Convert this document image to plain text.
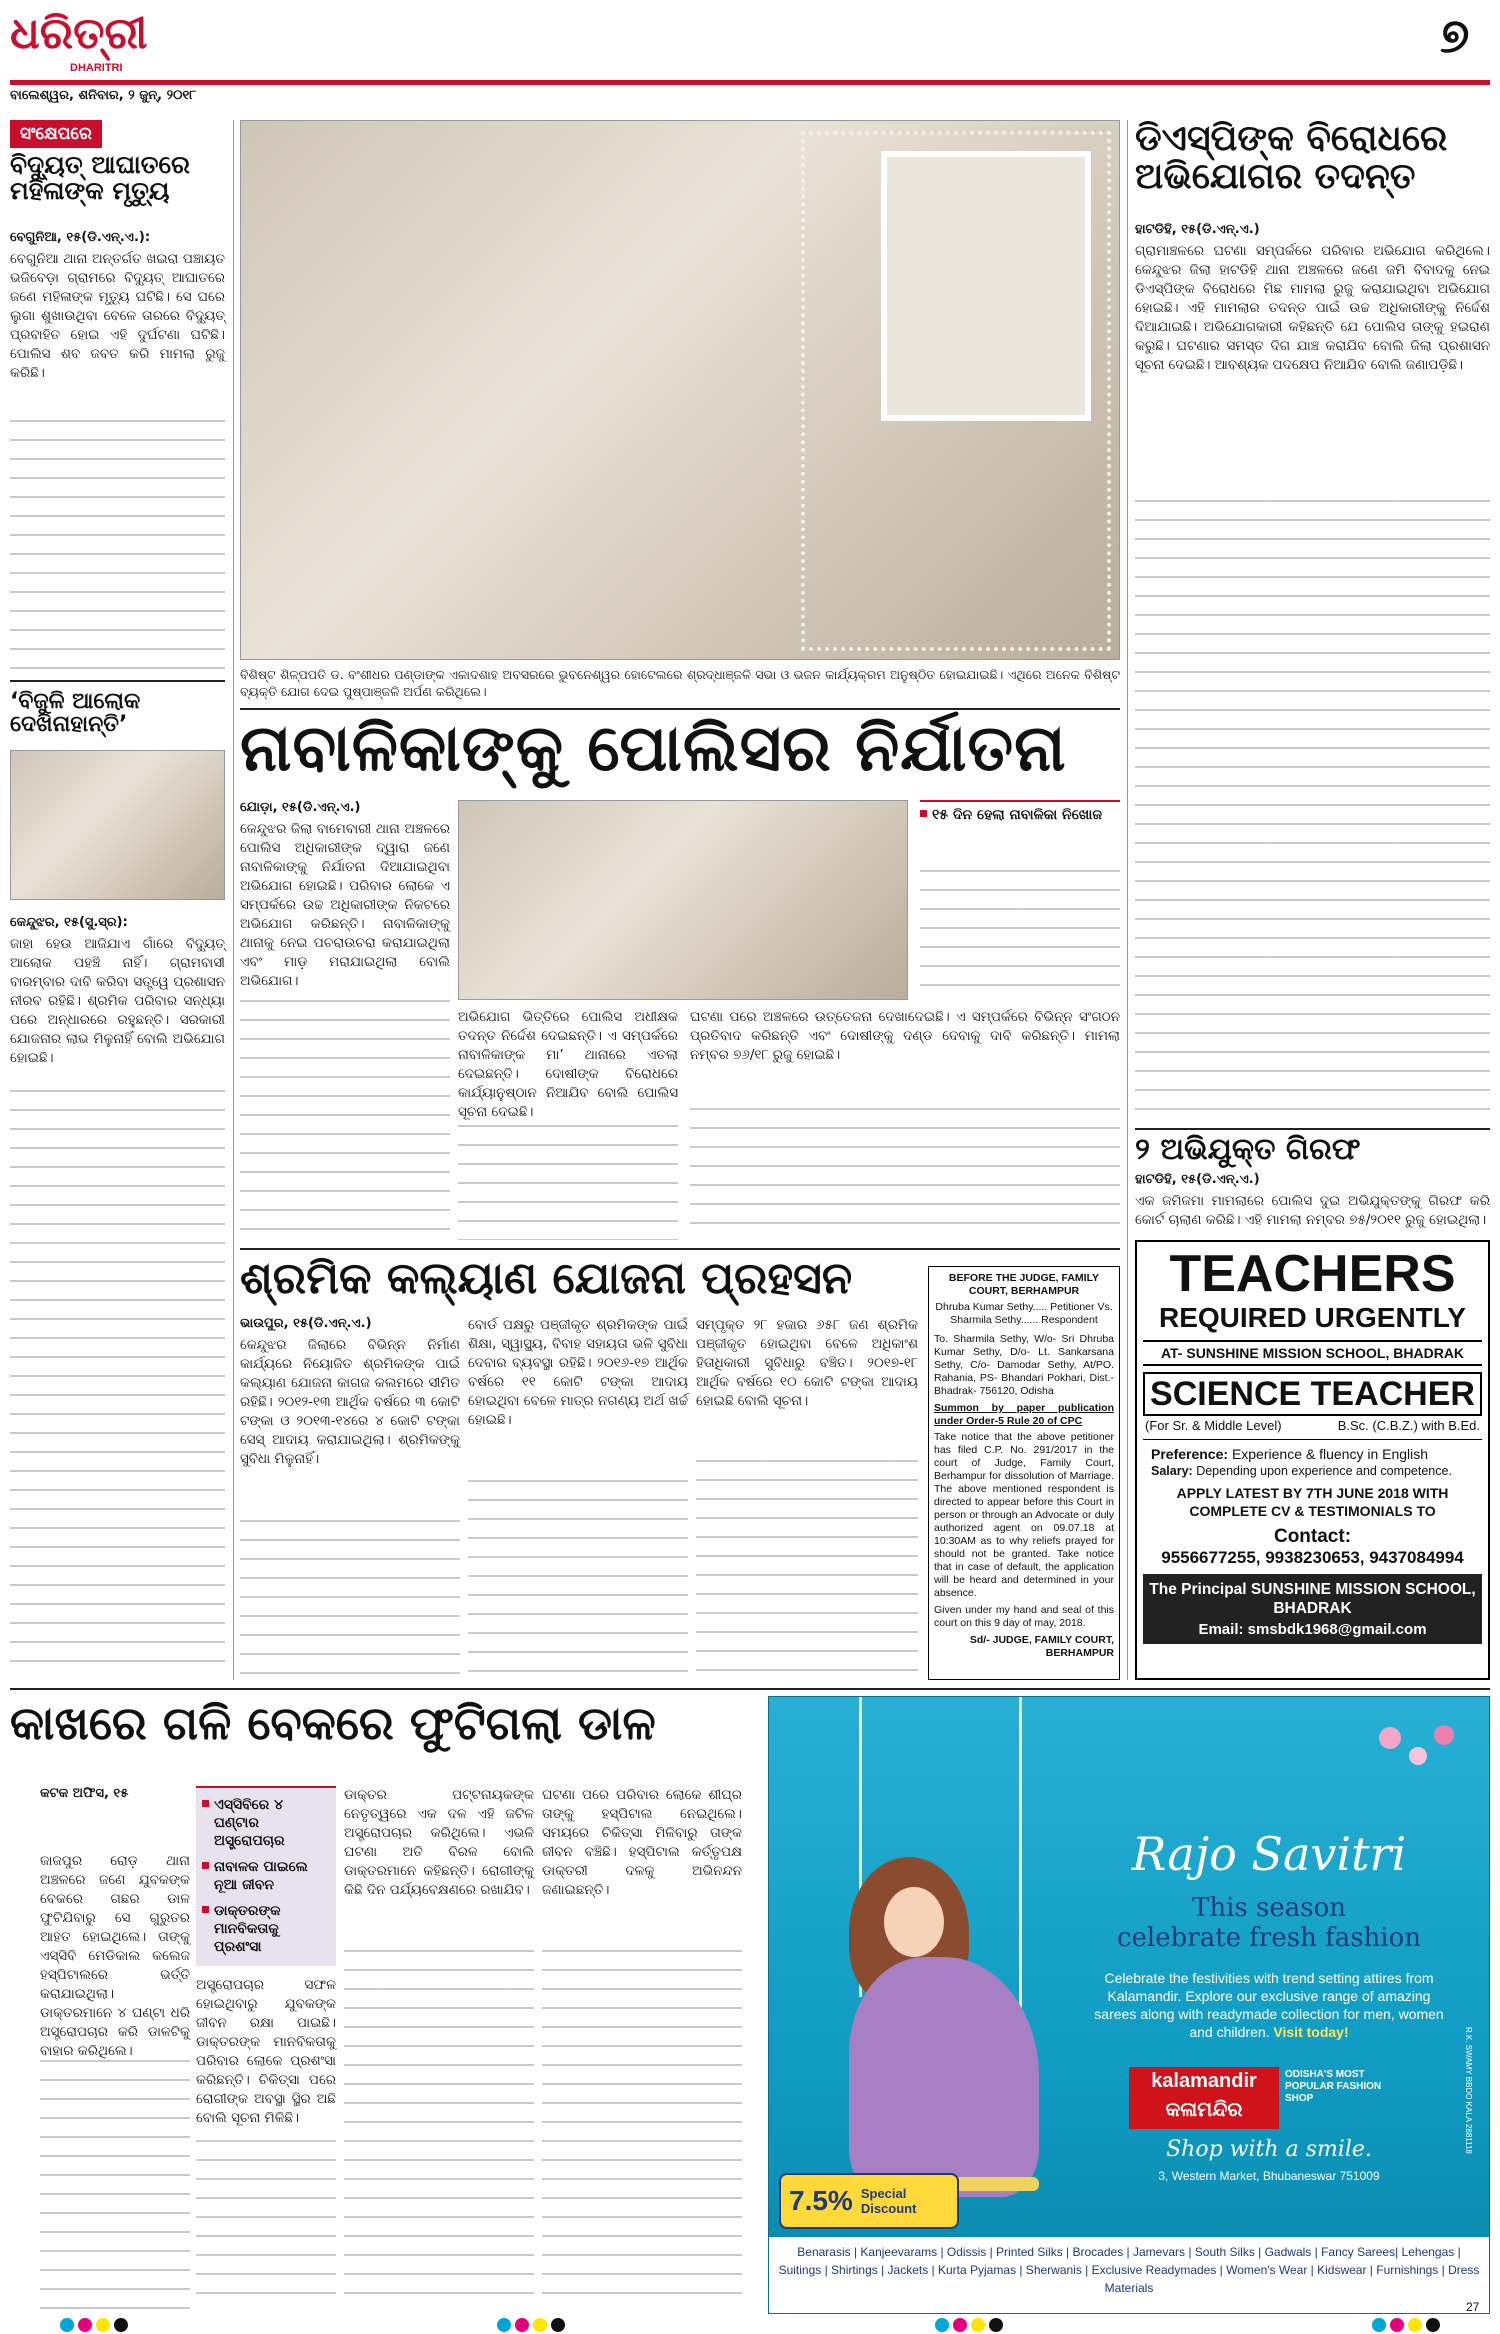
ଧରିତ୍ରୀ
DHARITRI
ବାଲେଶ୍ୱର, ଶନିବାର, ୨ ଜୁନ୍, ୨୦୧୮
୭
ସଂକ୍ଷେପରେ
ବିଦ୍ୟୁତ୍ ଆଘାତରେ ମହିଳାଙ୍କ ମୃତ୍ୟୁ
ବେଗୁନିଆ, ୧୫(ଡି.ଏନ୍.ଏ.):
ବେଗୁନିଆ ଥାନା ଅନ୍ତର୍ଗତ ଖଇରା ପଞ୍ଚାୟତ ଭଜିବେଡ଼ା ଗ୍ରାମରେ ବିଦ୍ୟୁତ୍ ଆଘାତରେ ଜଣେ ମହିଳାଙ୍କ ମୃତ୍ୟୁ ଘଟିଛି। ସେ ଘରେ ଲୁଗା ଶୁଖାଉଥିବା ବେଳେ ତାରରେ ବିଦ୍ୟୁତ୍ ପ୍ରବାହିତ ହୋଇ ଏହି ଦୁର୍ଘଟଣା ଘଟିଛି। ପୋଲିସ ଶବ ଜବତ କରି ମାମଲା ରୁଜୁ କରିଛି।
‘ବିଜୁଳି ଆଲୋକ ଦେଖିନାହାନ୍ତି’
କେନ୍ଦୁଝର, ୧୫(ସୁ.ସ୍ର):
ଜାହା ହେଉ ଆଜିଯାଏ ଗାଁରେ ବିଦ୍ୟୁତ୍ ଆଲୋକ ପହଞ୍ଚି ନାହିଁ। ଗ୍ରାମବାସୀ ବାରମ୍ବାର ଦାବି କରିବା ସତ୍ତ୍ୱେ ପ୍ରଶାସନ ନୀରବ ରହିଛି। ଶ୍ରମିକ ପରିବାର ସନ୍ଧ୍ୟା ପରେ ଅନ୍ଧାରରେ ରହୁଛନ୍ତି। ସରକାରୀ ଯୋଜନାର ଲାଭ ମିଳୁନାହିଁ ବୋଲି ଅଭିଯୋଗ ହୋଇଛି।
ବିଶିଷ୍ଟ ଶିଳ୍ପପତି ଡ. ବଂଶୀଧର ପଣ୍ଡାଙ୍କ ଏକାଦଶାହ ଅବସରରେ ଭୁବନେଶ୍ୱର ହୋଟେଲରେ ଶ୍ରଦ୍ଧାଞ୍ଜଳି ସଭା ଓ ଭଜନ କାର୍ଯ୍ୟକ୍ରମ ଅନୁଷ୍ଠିତ ହୋଇଯାଇଛି। ଏଥିରେ ଅନେକ ବିଶିଷ୍ଟ ବ୍ୟକ୍ତି ଯୋଗ ଦେଇ ପୁଷ୍ପାଞ୍ଜଳି ଅର୍ପଣ କରିଥିଲେ।
ଡିଏସ୍‌ପିଙ୍କ ବିରୋଧରେ ଅଭିଯୋଗର ତଦନ୍ତ
ହାଟଡିହି, ୧୫(ଡି.ଏନ୍.ଏ.)
ଗ୍ରାମାଞ୍ଚଳରେ ଘଟଣା ସମ୍ପର୍କରେ ପରିବାର ଅଭିଯୋଗ କରିଥିଲେ। କେନ୍ଦୁଝର ଜିଲା ହାଟଡିହି ଥାନା ଅଞ୍ଚଳରେ ଜଣେ ଜମି ବିବାଦକୁ ନେଇ ଡିଏସ୍‌ପିଙ୍କ ବିରୋଧରେ ମିଛ ମାମଲା ରୁଜୁ କରାଯାଇଥିବା ଅଭିଯୋଗ ହୋଇଛି। ଏହି ମାମଲାର ତଦନ୍ତ ପାଇଁ ଉଚ୍ଚ ଅଧିକାରୀଙ୍କୁ ନିର୍ଦ୍ଦେଶ ଦିଆଯାଇଛି। ଅଭିଯୋଗକାରୀ କହିଛନ୍ତି ଯେ ପୋଲିସ ତାଙ୍କୁ ହଇରାଣ କରୁଛି। ଘଟଣାର ସମସ୍ତ ଦିଗ ଯାଞ୍ଚ କରାଯିବ ବୋଲି ଜିଲା ପ୍ରଶାସନ ସୂଚନା ଦେଇଛି। ଆବଶ୍ୟକ ପଦକ୍ଷେପ ନିଆଯିବ ବୋଲି ଜଣାପଡ଼ିଛି।
୨ ଅଭିଯୁକ୍ତ ଗିରଫ
ହାଟଡିହି, ୧୫(ଡି.ଏନ୍.ଏ.)
ଏକ ଜମିଜମା ମାମଲାରେ ପୋଲିସ ଦୁଇ ଅଭିଯୁକ୍ତଙ୍କୁ ଗିରଫ କରି କୋର୍ଟ ଚାଲାଣ କରିଛି। ଏହି ମାମଲା ନମ୍ବର ୭୫/୨୦୧୧ ରୁଜୁ ହୋଇଥିଲା।
ନାବାଳିକାଙ୍କୁ ପୋଲିସର ନିର୍ଯାତନା
ଯୋଡ଼ା, ୧୫(ଡି.ଏନ୍.ଏ.)
କେନ୍ଦୁଝର ଜିଲା ବାମେବାରୀ ଥାନା ଅଞ୍ଚଳରେ ପୋଲିସ ଅଧିକାରୀଙ୍କ ଦ୍ୱାରା ଜଣେ ନାବାଳିକାଙ୍କୁ ନିର୍ଯାତନା ଦିଆଯାଇଥିବା ଅଭିଯୋଗ ହୋଇଛି। ପରିବାର ଲୋକେ ଏ ସମ୍ପର୍କରେ ଉଚ୍ଚ ଅଧିକାରୀଙ୍କ ନିକଟରେ ଅଭିଯୋଗ କରିଛନ୍ତି। ନାବାଳିକାଙ୍କୁ ଥାନାକୁ ନେଇ ପଚରାଉଚରା କରାଯାଇଥିଲା ଏବଂ ମାଡ଼ ମରାଯାଇଥିଲା ବୋଲି ଅଭିଯୋଗ।
୧୫ ଦିନ ହେଲା ନାବାଳିକା ନିଖୋଜ
ଅଭିଯୋଗ ଭିତ୍ତିରେ ପୋଲିସ ଅଧୀକ୍ଷକ ତଦନ୍ତ ନିର୍ଦ୍ଦେଶ ଦେଇଛନ୍ତି। ଏ ସମ୍ପର୍କରେ ନାବାଳିକାଙ୍କ ମା’ ଥାନାରେ ଏତଲା ଦେଇଛନ୍ତି। ଦୋଷୀଙ୍କ ବିରୋଧରେ କାର୍ଯ୍ୟାନୁଷ୍ଠାନ ନିଆଯିବ ବୋଲି ପୋଲିସ ସୂଚନା ଦେଇଛି।
ଘଟଣା ପରେ ଅଞ୍ଚଳରେ ଉତ୍ତେଜନା ଦେଖାଦେଇଛି। ଏ ସମ୍ପର୍କରେ ବିଭିନ୍ନ ସଂଗଠନ ପ୍ରତିବାଦ କରିଛନ୍ତି ଏବଂ ଦୋଷୀଙ୍କୁ ଦଣ୍ଡ ଦେବାକୁ ଦାବି କରିଛନ୍ତି। ମାମଲା ନମ୍ବର ୭୬/୧୮ ରୁଜୁ ହୋଇଛି।
ଶ୍ରମିକ କଲ୍ୟାଣ ଯୋଜନା ପ୍ରହସନ
ଭାଉପୁର, ୧୫(ଡି.ଏନ୍.ଏ.)
କେନ୍ଦୁଝର ଜିଲାରେ ବିଭିନ୍ନ ନିର୍ମାଣ କାର୍ଯ୍ୟରେ ନିୟୋଜିତ ଶ୍ରମିକଙ୍କ ପାଇଁ କଲ୍ୟାଣ ଯୋଜନା କାଗଜ କଲମରେ ସୀମିତ ରହିଛି। ୨୦୧୨-୧୩ ଆର୍ଥିକ ବର୍ଷରେ ୩ କୋଟି ଟଙ୍କା ଓ ୨୦୧୩-୧୪ରେ ୪ କୋଟି ଟଙ୍କା ସେସ୍ ଆଦାୟ କରାଯାଇଥିଲା। ଶ୍ରମିକଙ୍କୁ ସୁବିଧା ମିଳୁନାହିଁ।
ବୋର୍ଡ ପକ୍ଷରୁ ପଞ୍ଜୀକୃତ ଶ୍ରମିକଙ୍କ ପାଇଁ ଶିକ୍ଷା, ସ୍ୱାସ୍ଥ୍ୟ, ବିବାହ ସହାୟତା ଭଳି ସୁବିଧା ଦେବାର ବ୍ୟବସ୍ଥା ରହିଛି। ୨୦୧୬-୧୭ ଆର୍ଥିକ ବର୍ଷରେ ୧୧ କୋଟି ଟଙ୍କା ଆଦାୟ ହୋଇଥିବା ବେଳେ ମାତ୍ର ନଗଣ୍ୟ ଅର୍ଥ ଖର୍ଚ୍ଚ ହୋଇଛି।
ସମ୍ପୃକ୍ତ ୨୮ ହଜାର ୬୫୮ ଜଣ ଶ୍ରମିକ ପଞ୍ଜୀକୃତ ହୋଇଥିବା ବେଳେ ଅଧିକାଂଶ ହିତାଧିକାରୀ ସୁବିଧାରୁ ବଞ୍ଚିତ। ୨୦୧୭-୧୮ ଆର୍ଥିକ ବର୍ଷରେ ୧୦ କୋଟି ଟଙ୍କା ଆଦାୟ ହୋଇଛି ବୋଲି ସୂଚନା।
BEFORE THE JUDGE, FAMILY COURT, BERHAMPUR
Dhruba Kumar Sethy..... Petitioner Vs. Sharmila Sethy...... Respondent
To. Sharmila Sethy, W/o- Sri Dhruba Kumar Sethy, D/o- Lt. Sankarsana Sethy, C/o- Damodar Sethy, At/PO. Rahania, PS- Bhandari Pokhari, Dist.- Bhadrak- 756120, Odisha
Summon by paper publication under Order-5 Rule 20 of CPC
Take notice that the above petitioner has filed C.P. No. 291/2017 in the court of Judge, Family Court, Berhampur for dissolution of Marriage. The above mentioned respondent is directed to appear before this Court in person or through an Advocate or duly authorized agent on 09.07.18 at 10:30AM as to why reliefs prayed for should not be granted. Take notice that in case of default, the application will be heard and determined in your absence.
Given under my hand and seal of this court on this 9 day of may, 2018.
Sd/- JUDGE, FAMILY COURT, BERHAMPUR
TEACHERS
REQUIRED URGENTLY
AT- SUNSHINE MISSION SCHOOL, BHADRAK
SCIENCE TEACHER
(For Sr. & Middle Level)	B.Sc. (C.B.Z.) with B.Ed.
Preference: Experience & fluency in English
Salary: Depending upon experience and competence.
APPLY LATEST BY 7TH JUNE 2018 WITH COMPLETE CV & TESTIMONIALS TO
Contact:
9556677255, 9938230653, 9437084994
The Principal SUNSHINE MISSION SCHOOL, BHADRAK
Email: smsbdk1968@gmail.com
କାଖରେ ଗଳି ବେକରେ ଫୁଟିଗଲା ଡାଳ
କଟକ ଅଫିସ, ୧୫
ଜାଜପୁର ରୋଡ଼ ଥାନା ଅଞ୍ଚଳରେ ଜଣେ ଯୁବକଙ୍କ ବେକରେ ଗଛର ଡାଳ ଫୁଟିଯିବାରୁ ସେ ଗୁରୁତର ଆହତ ହୋଇଥିଲେ। ତାଙ୍କୁ ଏସ୍‌ସିବି ମେଡିକାଲ କଲେଜ ହସ୍ପିଟାଲରେ ଭର୍ତ୍ତି କରାଯାଇଥିଲା। ଡାକ୍ତରମାନେ ୪ ଘଣ୍ଟା ଧରି ଅସ୍ତ୍ରୋପଚାର କରି ଡାଳଟିକୁ ବାହାର କରିଥିଲେ।
ଏସ୍‌ସିବିରେ ୪ ଘଣ୍ଟାର ଅସ୍ତ୍ରୋପଚାର
ନାବାଳକ ପାଇଲେ ନୂଆ ଜୀବନ
ଡାକ୍ତରଙ୍କ ମାନବିକତାକୁ ପ୍ରଶଂସା
ଅସ୍ତ୍ରୋପଚାର ସଫଳ ହୋଇଥିବାରୁ ଯୁବକଙ୍କ ଜୀବନ ରକ୍ଷା ପାଇଛି। ଡାକ୍ତରଙ୍କ ମାନବିକତାକୁ ପରିବାର ଲୋକେ ପ୍ରଶଂସା କରିଛନ୍ତି। ଚିକିତ୍ସା ପରେ ରୋଗୀଙ୍କ ଅବସ୍ଥା ସ୍ଥିର ଅଛି ବୋଲି ସୂଚନା ମିଳିଛି।
ଡାକ୍ତର ପଟ୍ଟନାୟକଙ୍କ ନେତୃତ୍ୱରେ ଏକ ଦଳ ଏହି ଜଟିଳ ଅସ୍ତ୍ରୋପଚାର କରିଥିଲେ। ଏଭଳି ଘଟଣା ଅତି ବିରଳ ବୋଲି ଡାକ୍ତରମାନେ କହିଛନ୍ତି। ରୋଗୀଙ୍କୁ କିଛି ଦିନ ପର୍ଯ୍ୟବେକ୍ଷଣରେ ରଖାଯିବ।
ଘଟଣା ପରେ ପରିବାର ଲୋକେ ଶୀଘ୍ର ତାଙ୍କୁ ହସ୍ପିଟାଲ ନେଇଥିଲେ। ସମୟରେ ଚିକିତ୍ସା ମିଳିବାରୁ ତାଙ୍କ ଜୀବନ ବଞ୍ଚିଛି। ହସ୍ପିଟାଲ କର୍ତ୍ତୃପକ୍ଷ ଡାକ୍ତରୀ ଦଳକୁ ଅଭିନନ୍ଦନ ଜଣାଇଛନ୍ତି।
Rajo Savitri
This season
celebrate fresh fashion
Celebrate the festivities with trend setting attires from Kalamandir. Explore our exclusive range of amazing sarees along with readymade collection for men, women and children. Visit today!
kalamandir
କଳାମନ୍ଦିର
ODISHA'S MOST POPULAR FASHION SHOP
Shop with a smile.
3, Western Market, Bhubaneswar 751009
7.5% Special Discount
Benarasis | Kanjeevarams | Odissis | Printed Silks | Brocades | Jamevars | South Silks | Gadwals | Fancy Sarees| Lehengas | Suitings | Shirtings | Jackets | Kurta Pyjamas | Sherwanis | Exclusive Readymades | Women's Wear | Kidswear | Furnishings | Dress Materials
R.K. SWAMY BBDO KALA 2881118
27
